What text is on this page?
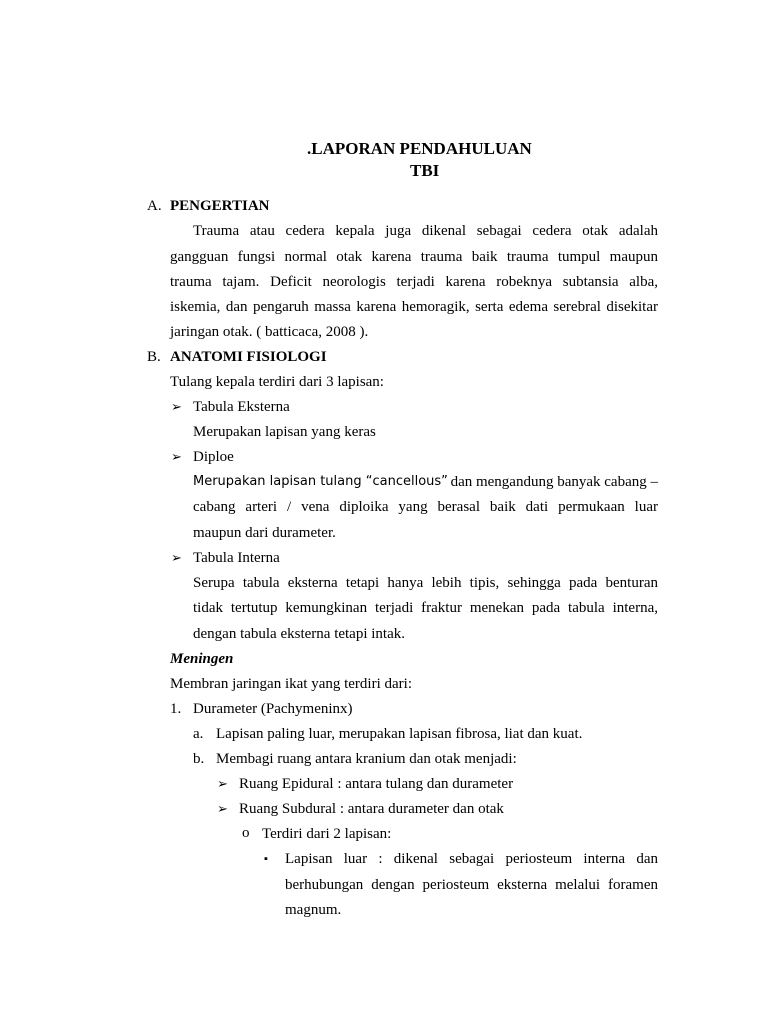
.LAPORAN PENDAHULUAN
TBI
A. PENGERTIAN
Trauma atau cedera kepala juga dikenal sebagai cedera otak adalah
gangguan fungsi normal otak karena trauma baik trauma tumpul maupun
trauma tajam. Deficit neorologis terjadi karena robeknya subtansia alba,
iskemia, dan pengaruh massa karena hemoragik, serta edema serebral disekitar
jaringan otak. ( batticaca, 2008 ).
B. ANATOMI FISIOLOGI
Tulang kepala terdiri dari 3 lapisan:
➢ Tabula Eksterna
Merupakan lapisan yang keras
➢ Diploe
Merupakan lapisan tulang “cancellous” dan mengandung banyak cabang –
cabang arteri / vena diploika yang berasal baik dati permukaan luar
maupun dari durameter.
➢ Tabula Interna
Serupa tabula eksterna tetapi hanya lebih tipis, sehingga pada benturan
tidak tertutup kemungkinan terjadi fraktur menekan pada tabula interna,
dengan tabula eksterna tetapi intak.
Meningen
Membran jaringan ikat yang terdiri dari:
1. Durameter (Pachymeninx)
a. Lapisan paling luar, merupakan lapisan fibrosa, liat dan kuat.
b. Membagi ruang antara kranium dan otak menjadi:
➢ Ruang Epidural : antara tulang dan durameter
➢ Ruang Subdural : antara durameter dan otak
o Terdiri dari 2 lapisan:
▪ Lapisan luar : dikenal sebagai periosteum interna dan
berhubungan dengan periosteum eksterna melalui foramen
magnum.
